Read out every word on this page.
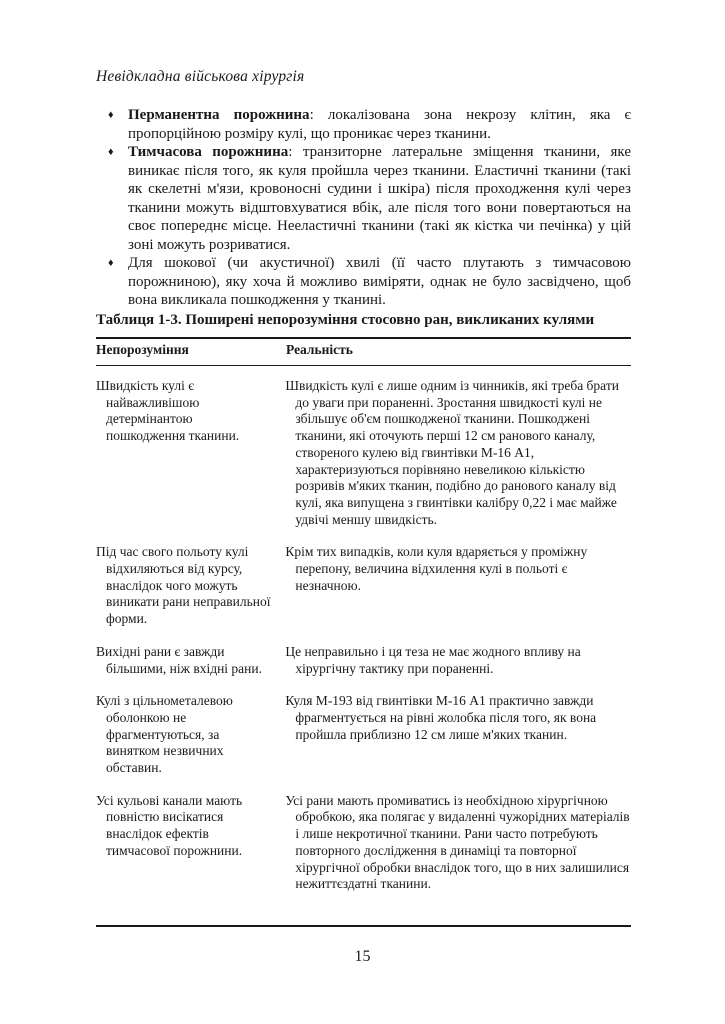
Невідкладна військова хірургія
♦ Перманентна порожнина: локалізована зона некрозу клітин, яка є пропорційною розміру кулі, що проникає через тканини.
♦ Тимчасова порожнина: транзиторне латеральне зміщення тканини, яке виникає після того, як куля пройшла через тканини. Еластичні тканини (такі як скелетні м'язи, кровоносні судини і шкіра) після проходження кулі через тканини можуть відштовхуватися вбік, але після того вони повертаються на своє попереднє місце. Нееластичні тканини (такі як кістка чи печінка) у цій зоні можуть розриватися.
♦ Для шокової (чи акустичної) хвилі (її часто плутають з тимчасовою порожниною), яку хоча й можливо виміряти, однак не було засвідчено, щоб вона викликала пошкодження у тканині.
Таблиця 1-3. Поширені непорозуміння стосовно ран, викликаних кулями
Непорозуміння	Реальність
Швидкість кулі є найважливішою детермінантою пошкодження тканини.
Швидкість кулі є лише одним із чинників, які треба брати до уваги при пораненні. Зростання швидкості кулі не збільшує об'єм пошкодженої тканини. Пошкоджені тканини, які оточують перші 12 см ранового каналу, створеного кулею від гвинтівки М-16 А1, характеризуються порівняно невеликою кількістю розривів м'яких тканин, подібно до ранового каналу від кулі, яка випущена з гвинтівки калібру 0,22 і має майже удвічі меншу швидкість.
Під час свого польоту кулі відхиляються від курсу, внаслідок чого можуть виникати рани неправильної форми.
Крім тих випадків, коли куля вдаряється у проміжну перепону, величина відхилення кулі в польоті є незначною.
Вихідні рани є завжди більшими, ніж вхідні рани.
Це неправильно і ця теза не має жодного впливу на хірургічну тактику при пораненні.
Кулі з цільнометалевою оболонкою не фрагментуються, за винятком незвичних обставин.
Куля М-193 від гвинтівки М-16 А1 практично завжди фрагментується на рівні жолобка після того, як вона пройшла приблизно 12 см лише м'яких тканин.
Усі кульові канали мають повністю висікатися внаслідок ефектів тимчасової порожнини.
Усі рани мають промиватись із необхідною хірургічною обробкою, яка полягає у видаленні чужорідних матеріалів і лише некротичної тканини. Рани часто потребують повторного дослідження в динаміці та повторної хірургічної обробки внаслідок того, що в них залишилися нежиттєздатні тканини.
15
